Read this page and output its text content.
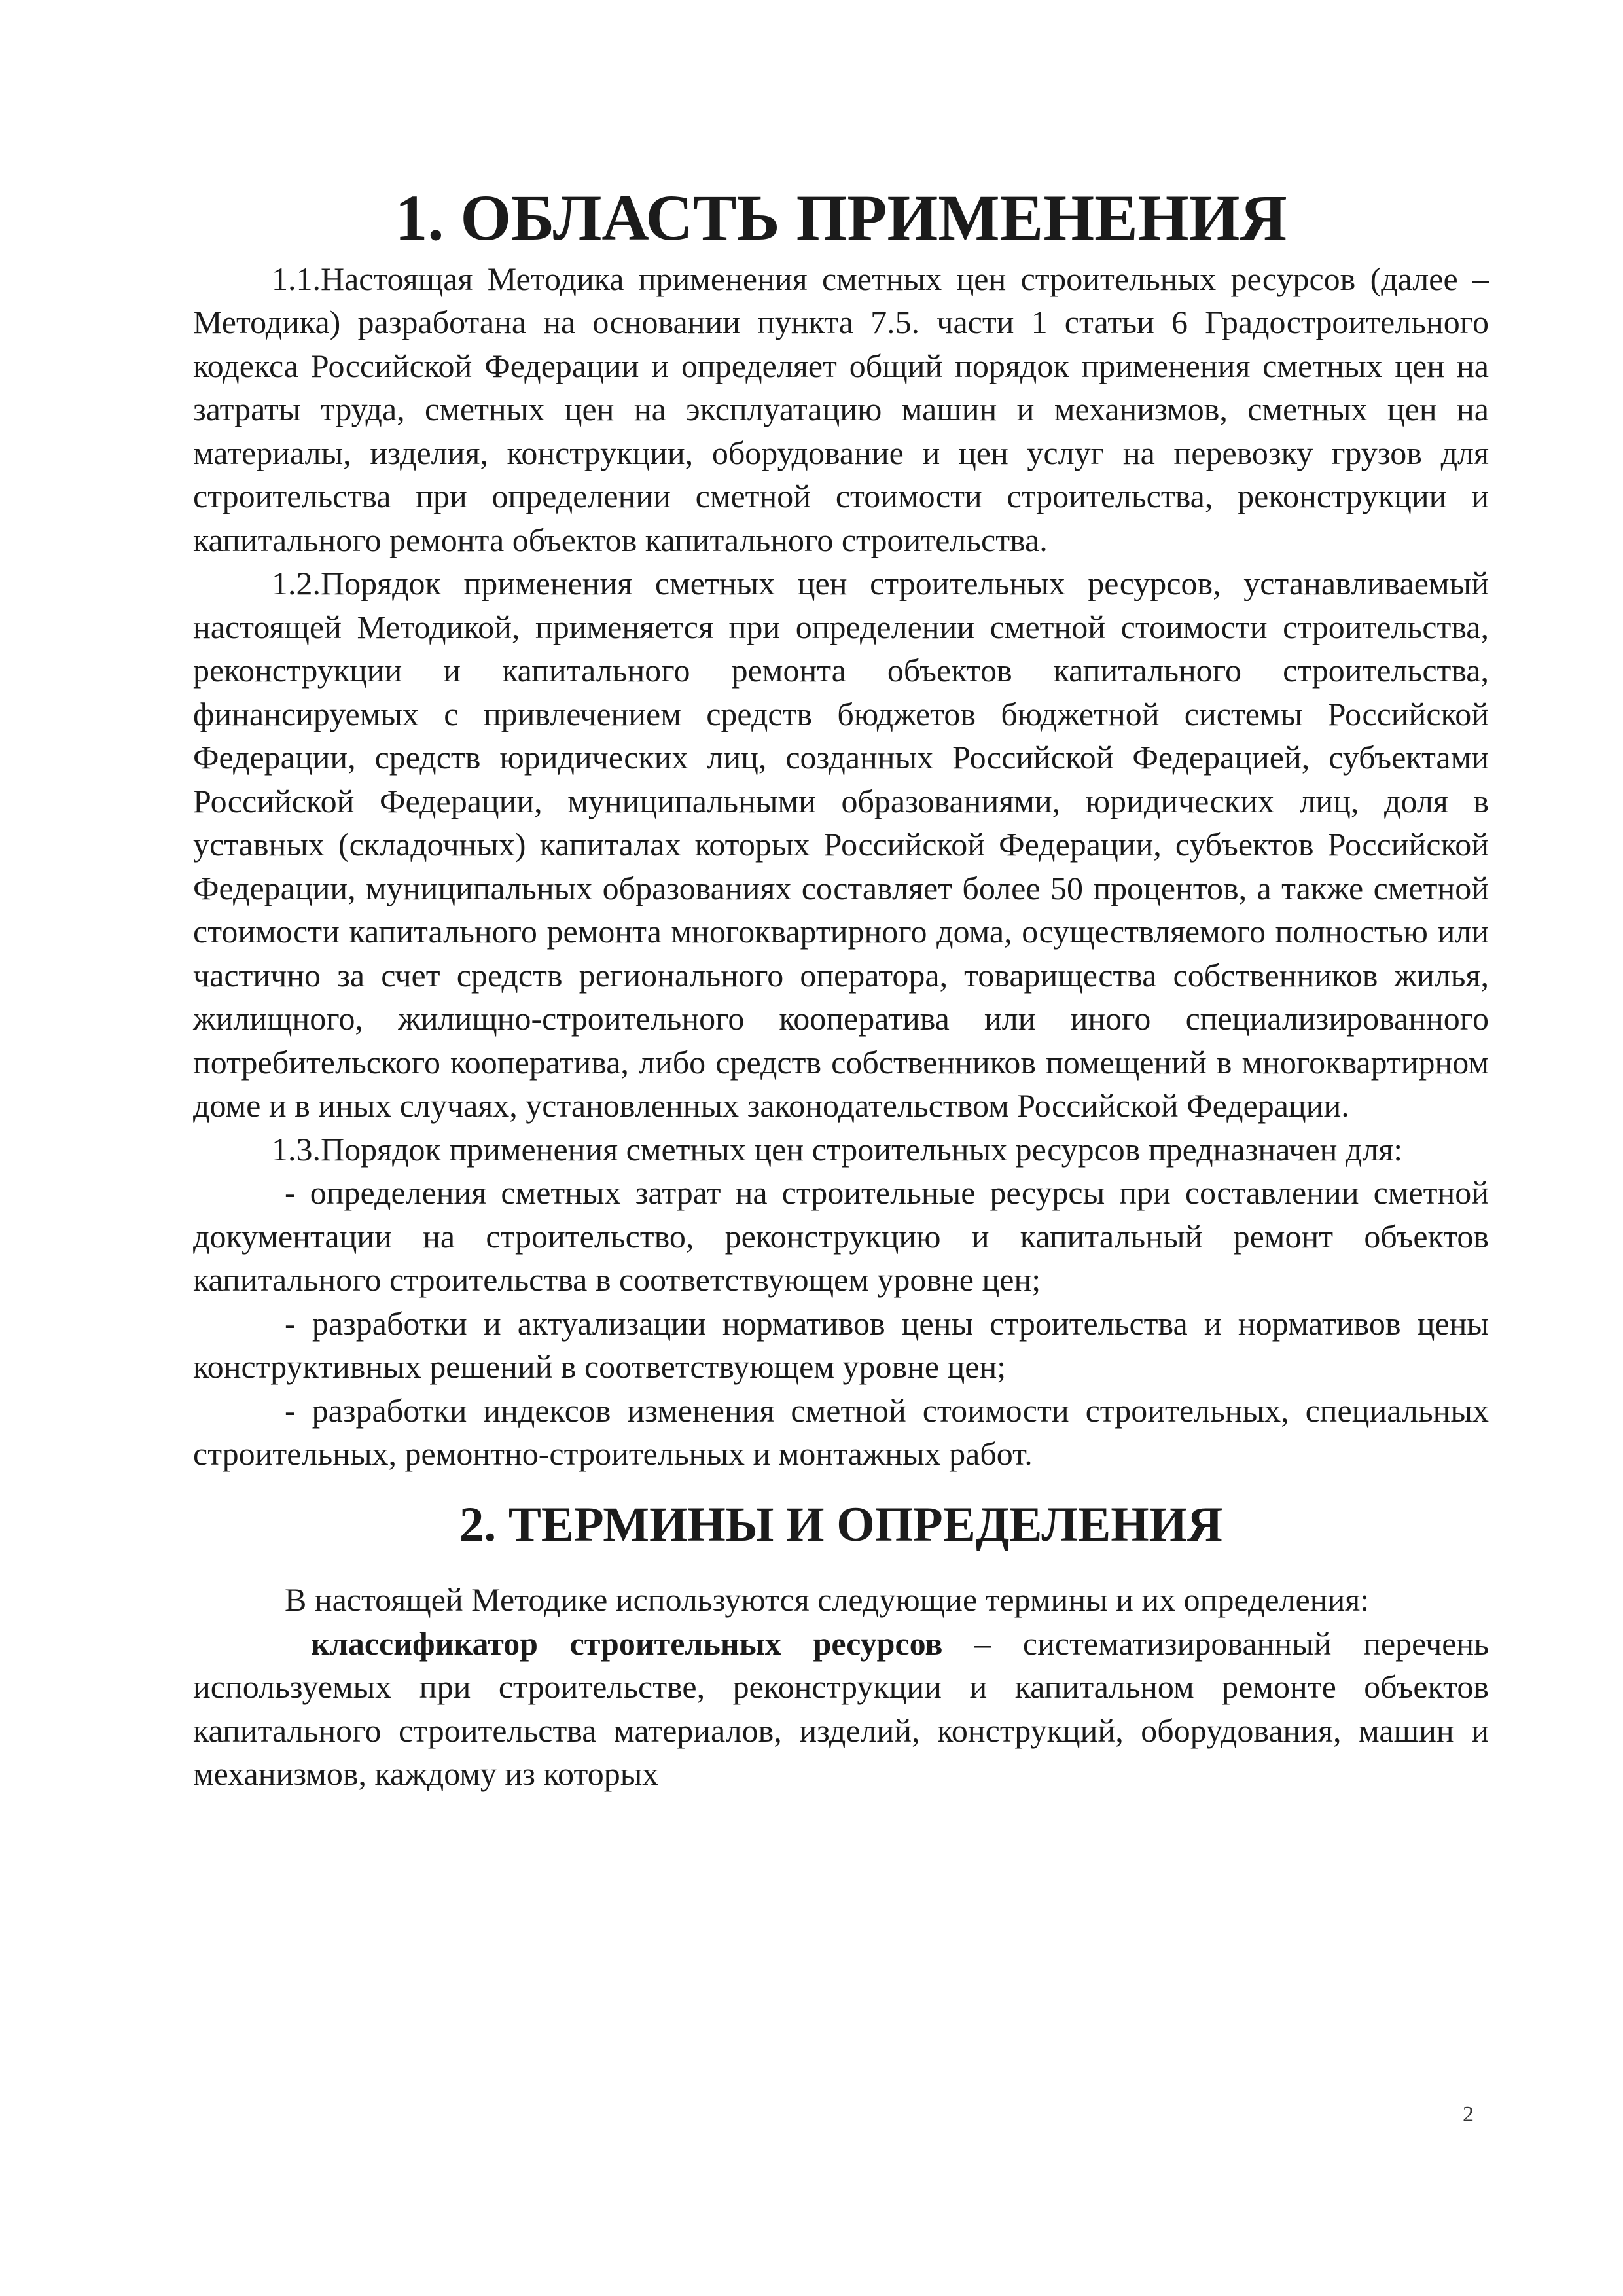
1. ОБЛАСТЬ ПРИМЕНЕНИЯ

1.1.Настоящая Методика применения сметных цен строительных ресурсов (далее – Методика) разработана на основании пункта 7.5. части 1 статьи 6 Градостроительного кодекса Российской Федерации и определяет общий порядок применения сметных цен на затраты труда, сметных цен на эксплуатацию машин и механизмов, сметных цен на материалы, изделия, конструкции, оборудование и цен услуг на перевозку грузов для строительства при определении сметной стоимости строительства, реконструкции и капитального ремонта объектов капитального строительства.

1.2.Порядок применения сметных цен строительных ресурсов, устанавливаемый настоящей Методикой, применяется при определении сметной стоимости строительства, реконструкции и капитального ремонта объектов капитального строительства, финансируемых с привлечением средств бюджетов бюджетной системы Российской Федерации, средств юридических лиц, созданных Российской Федерацией, субъектами Российской Федерации, муниципальными образованиями, юридических лиц, доля в уставных (складочных) капиталах которых Российской Федерации, субъектов Российской Федерации, муниципальных образованиях составляет более 50 процентов, а также сметной стоимости капитального ремонта многоквартирного дома, осуществляемого полностью или частично за счет средств регионального оператора, товарищества собственников жилья, жилищного, жилищно-строительного кооператива или иного специализированного потребительского кооператива, либо средств собственников помещений в многоквартирном доме и в иных случаях, установленных законодательством Российской Федерации.

1.3.Порядок применения сметных цен строительных ресурсов предназначен для:

- определения сметных затрат на строительные ресурсы при составлении сметной документации на строительство, реконструкцию и капитальный ремонт объектов капитального строительства в соответствующем уровне цен;

- разработки и актуализации нормативов цены строительства и нормативов цены конструктивных решений в соответствующем уровне цен;

- разработки индексов изменения сметной стоимости строительных, специальных строительных, ремонтно-строительных и монтажных работ.

2. ТЕРМИНЫ И ОПРЕДЕЛЕНИЯ

В настоящей Методике используются следующие термины и их определения:

классификатор строительных ресурсов – систематизированный перечень используемых при строительстве, реконструкции и капитальном ремонте объектов капитального строительства материалов, изделий, конструкций, оборудования, машин и механизмов, каждому из которых

2
